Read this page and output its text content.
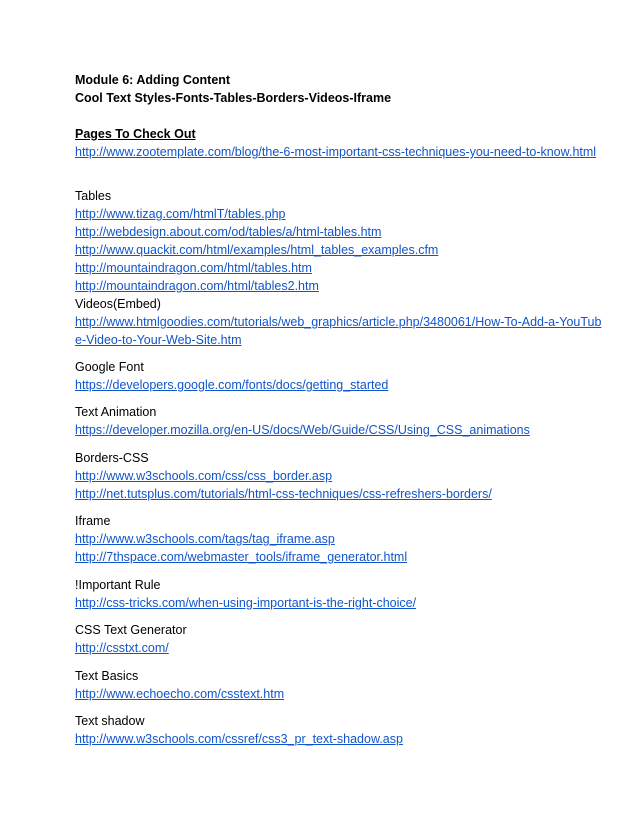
Module 6: Adding Content
Cool Text Styles-Fonts-Tables-Borders-Videos-Iframe
Pages To Check Out
http://www.zootemplate.com/blog/the-6-most-important-css-techniques-you-need-to-know.html
Tables
http://www.tizag.com/htmlT/tables.php
http://webdesign.about.com/od/tables/a/html-tables.htm
http://www.quackit.com/html/examples/html_tables_examples.cfm
http://mountaindragon.com/html/tables.htm
http://mountaindragon.com/html/tables2.htm
Videos(Embed)
http://www.htmlgoodies.com/tutorials/web_graphics/article.php/3480061/How-To-Add-a-YouTub
e-Video-to-Your-Web-Site.htm
Google Font
https://developers.google.com/fonts/docs/getting_started
Text Animation
https://developer.mozilla.org/en-US/docs/Web/Guide/CSS/Using_CSS_animations
Borders-CSS
http://www.w3schools.com/css/css_border.asp
http://net.tutsplus.com/tutorials/html-css-techniques/css-refreshers-borders/
Iframe
http://www.w3schools.com/tags/tag_iframe.asp
http://7thspace.com/webmaster_tools/iframe_generator.html
!Important Rule
http://css-tricks.com/when-using-important-is-the-right-choice/
CSS Text Generator
http://csstxt.com/
Text Basics
http://www.echoecho.com/csstext.htm
Text shadow
http://www.w3schools.com/cssref/css3_pr_text-shadow.asp
